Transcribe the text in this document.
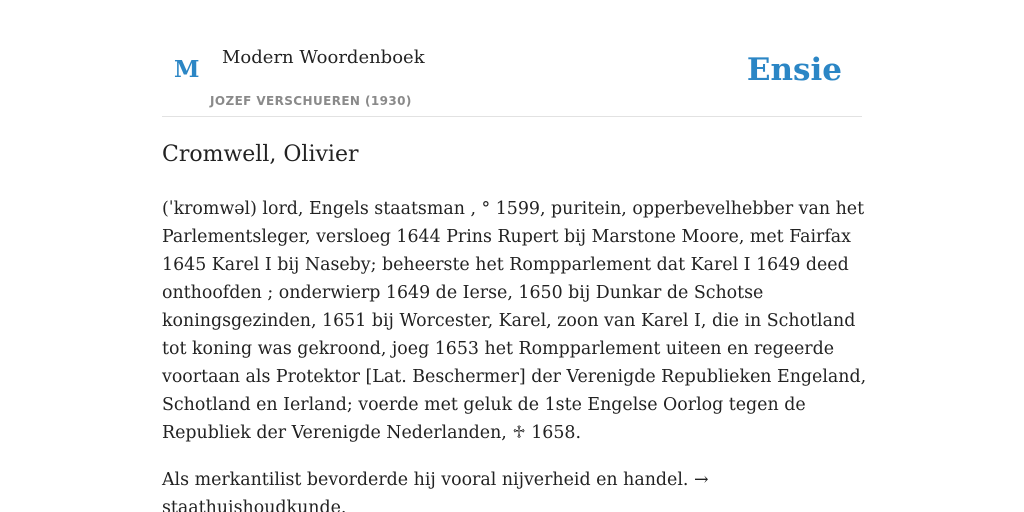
M Modern Woordenboek
JOZEF VERSCHUEREN (1930)
Ensie
Cromwell, Olivier

(ˈkromwəl) lord, Engels staatsman , ° 1599, puritein, opperbevelhebber van het Parlementsleger, versloeg 1644 Prins Rupert bij Marstone Moore, met Fairfax 1645 Karel I bij Naseby; beheerste het Rompparlement dat Karel I 1649 deed onthoofden ; onderwierp 1649 de Ierse, 1650 bij Dunkar de Schotse koningsgezinden, 1651 bij Worcester, Karel, zoon van Karel I, die in Schotland tot koning was gekroond, joeg 1653 het Rompparlement uiteen en regeerde voortaan als Protektor [Lat. Beschermer] der Verenigde Republieken Engeland, Schotland en Ierland; voerde met geluk de 1ste Engelse Oorlog tegen de Republiek der Verenigde Nederlanden, ♱ 1658.

Als merkantilist bevorderde hij vooral nijverheid en handel. → staathuishoudkunde.
